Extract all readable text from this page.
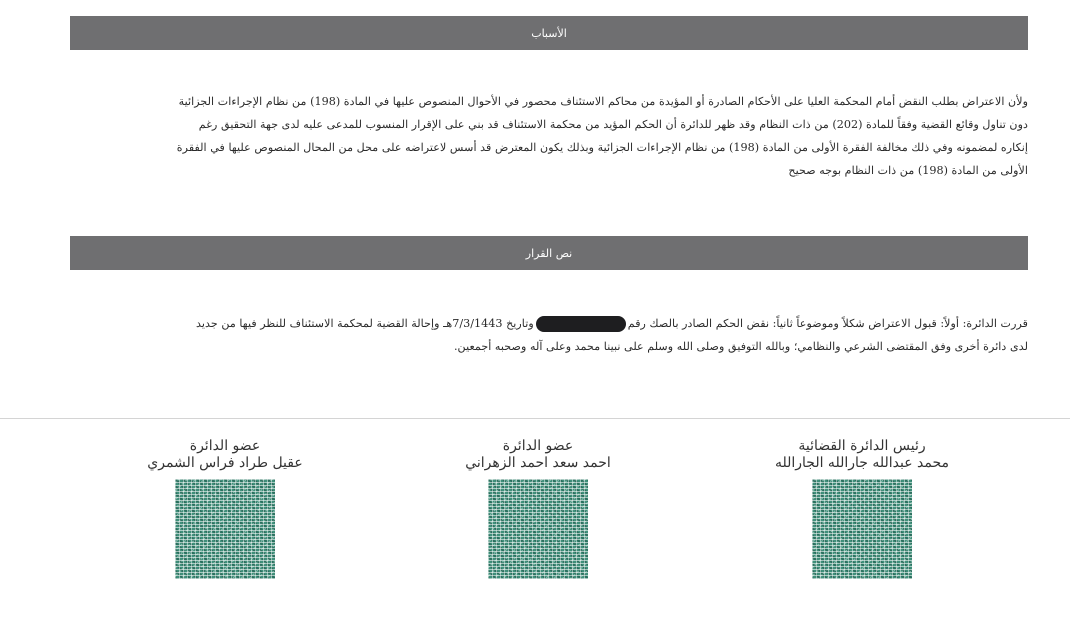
الأسباب
ولأن الاعتراض بطلب النقض أمام المحكمة العليا على الأحكام الصادرة أو المؤيدة من محاكم الاستئناف محصور في الأحوال المنصوص عليها في المادة (198) من نظام الإجراءات الجزائية
دون تناول وقائع القضية وفقاً للمادة (202) من ذات النظام وقد ظهر للدائرة أن الحكم المؤيد من محكمة الاستئناف قد بني على الإقرار المنسوب للمدعى عليه لدى جهة التحقيق رغم
إنكاره لمضمونه وفي ذلك مخالفة الفقرة الأولى من المادة (198) من نظام الإجراءات الجزائية وبذلك يكون المعترض قد أسس لاعتراضه على محل من المحال المنصوص عليها في الفقرة
الأولى من المادة (198) من ذات النظام بوجه صحيح
نص القرار
قررت الدائرة: أولاً: قبول الاعتراض شكلاً وموضوعاً ثانياً: نقض الحكم الصادر بالصك رقموتاريخ 7/3/1443هـ وإحالة القضية لمحكمة الاستئناف للنظر فيها من جديد
لدى دائرة أخرى وفق المقتضى الشرعي والنظامي؛ وبالله التوفيق وصلى الله وسلم على نبينا محمد وعلى آله وصحبه أجمعين.
رئيس الدائرة القضائية
محمد عبدالله جارالله الجارالله
عضو الدائرة
احمد سعد احمد الزهراني
عضو الدائرة
عقيل طراد فراس الشمري
